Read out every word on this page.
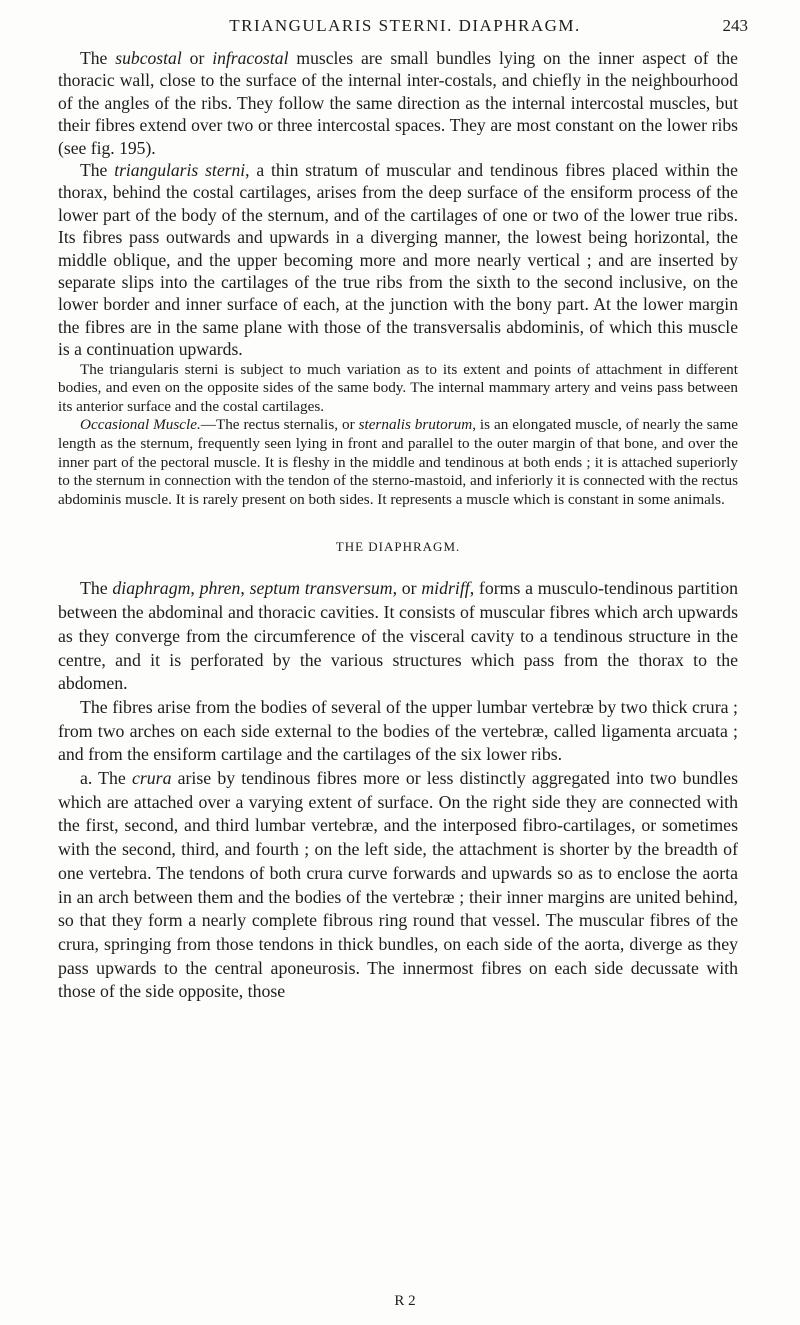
TRIANGULARIS STERNI. DIAPHRAGM.	243

The subcostal or infracostal muscles are small bundles lying on the inner aspect of the thoracic wall, close to the surface of the internal inter-costals, and chiefly in the neighbourhood of the angles of the ribs. They follow the same direction as the internal intercostal muscles, but their fibres extend over two or three intercostal spaces. They are most constant on the lower ribs (see fig. 195).

The triangularis sterni, a thin stratum of muscular and tendinous fibres placed within the thorax, behind the costal cartilages, arises from the deep surface of the ensiform process of the lower part of the body of the sternum, and of the cartilages of one or two of the lower true ribs. Its fibres pass outwards and upwards in a diverging manner, the lowest being horizontal, the middle oblique, and the upper becoming more and more nearly vertical ; and are inserted by separate slips into the cartilages of the true ribs from the sixth to the second inclusive, on the lower border and inner surface of each, at the junction with the bony part. At the lower margin the fibres are in the same plane with those of the transversalis abdominis, of which this muscle is a continuation upwards.

The triangularis sterni is subject to much variation as to its extent and points of attachment in different bodies, and even on the opposite sides of the same body. The internal mammary artery and veins pass between its anterior surface and the costal cartilages.

Occasional Muscle.—The rectus sternalis, or sternalis brutorum, is an elongated muscle, of nearly the same length as the sternum, frequently seen lying in front and parallel to the outer margin of that bone, and over the inner part of the pectoral muscle. It is fleshy in the middle and tendinous at both ends ; it is attached superiorly to the sternum in connection with the tendon of the sterno-mastoid, and inferiorly it is connected with the rectus abdominis muscle. It is rarely present on both sides. It represents a muscle which is constant in some animals.

THE DIAPHRAGM.

The diaphragm, phren, septum transversum, or midriff, forms a musculo-tendinous partition between the abdominal and thoracic cavities. It consists of muscular fibres which arch upwards as they converge from the circumference of the visceral cavity to a tendinous structure in the centre, and it is perforated by the various structures which pass from the thorax to the abdomen.

The fibres arise from the bodies of several of the upper lumbar vertebræ by two thick crura ; from two arches on each side external to the bodies of the vertebræ, called ligamenta arcuata ; and from the ensiform cartilage and the cartilages of the six lower ribs.

a. The crura arise by tendinous fibres more or less distinctly aggregated into two bundles which are attached over a varying extent of surface. On the right side they are connected with the first, second, and third lumbar vertebræ, and the interposed fibro-cartilages, or sometimes with the second, third, and fourth ; on the left side, the attachment is shorter by the breadth of one vertebra. The tendons of both crura curve forwards and upwards so as to enclose the aorta in an arch between them and the bodies of the vertebræ ; their inner margins are united behind, so that they form a nearly complete fibrous ring round that vessel. The muscular fibres of the crura, springing from those tendons in thick bundles, on each side of the aorta, diverge as they pass upwards to the central aponeurosis. The innermost fibres on each side decussate with those of the side opposite, those

R 2
